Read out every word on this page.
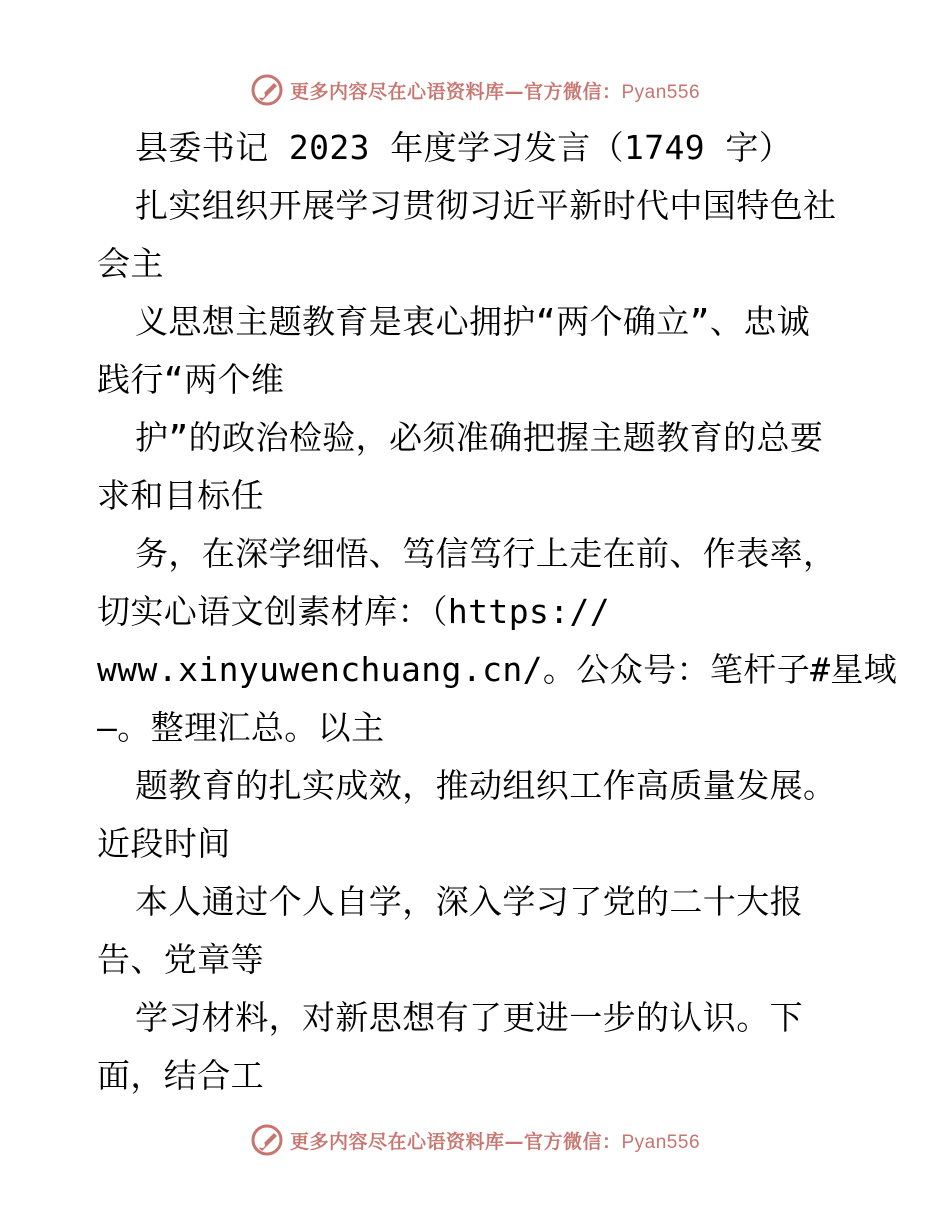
更多内容尽在心语资料库—官方微信：Pyan556
县委书记 2023 年度学习发言（1749 字）
扎实组织开展学习贯彻习近平新时代中国特色社
会主
义思想主题教育是衷心拥护“两个确立”、忠诚
践行“两个维
护”的政治检验，必须准确把握主题教育的总要
求和目标任
务，在深学细悟、笃信笃行上走在前、作表率，
切实心语文创素材库：（https://
www.xinyuwenchuang.cn/。公众号：笔杆子#星域
—。整理汇总。以主
题教育的扎实成效，推动组织工作高质量发展。
近段时间
本人通过个人自学，深入学习了党的二十大报
告、党章等
学习材料，对新思想有了更进一步的认识。下
面，结合工
更多内容尽在心语资料库—官方微信：Pyan556
